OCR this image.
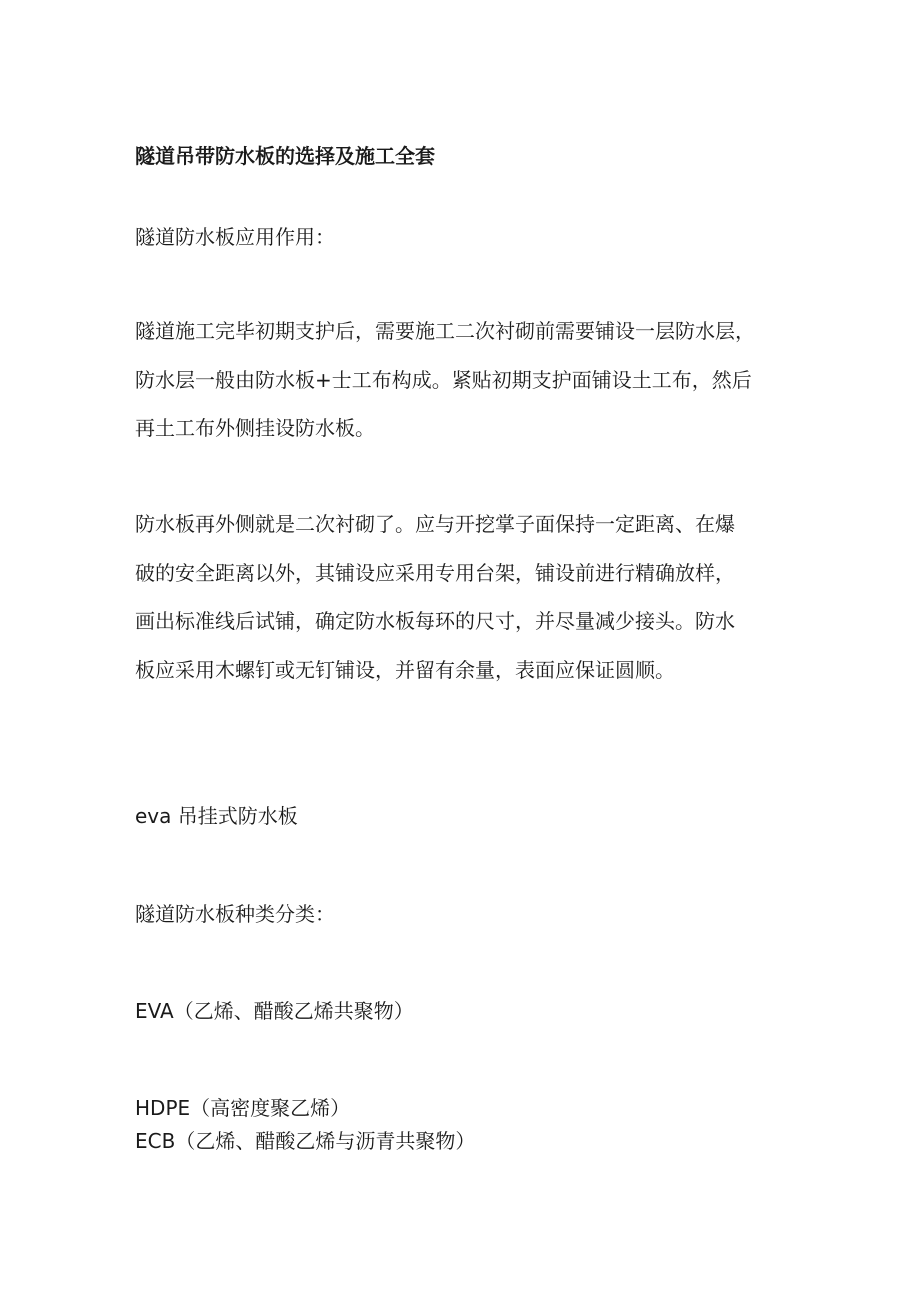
隧道吊带防水板的选择及施工全套
隧道防水板应用作用：
隧道施工完毕初期支护后，需要施工二次衬砌前需要铺设一层防水层，
防水层一般由防水板+士工布构成。紧贴初期支护面铺设土工布，然后
再土工布外侧挂设防水板。
防水板再外侧就是二次衬砌了。应与开挖掌子面保持一定距离、在爆
破的安全距离以外，其铺设应采用专用台架，铺设前进行精确放样，
画出标准线后试铺，确定防水板每环的尺寸，并尽量减少接头。防水
板应采用木螺钉或无钉铺设，并留有余量，表面应保证圆顺。
eva 吊挂式防水板
隧道防水板种类分类：
EVA（乙烯、醋酸乙烯共聚物）
HDPE（高密度聚乙烯）
ECB（乙烯、醋酸乙烯与沥青共聚物）
